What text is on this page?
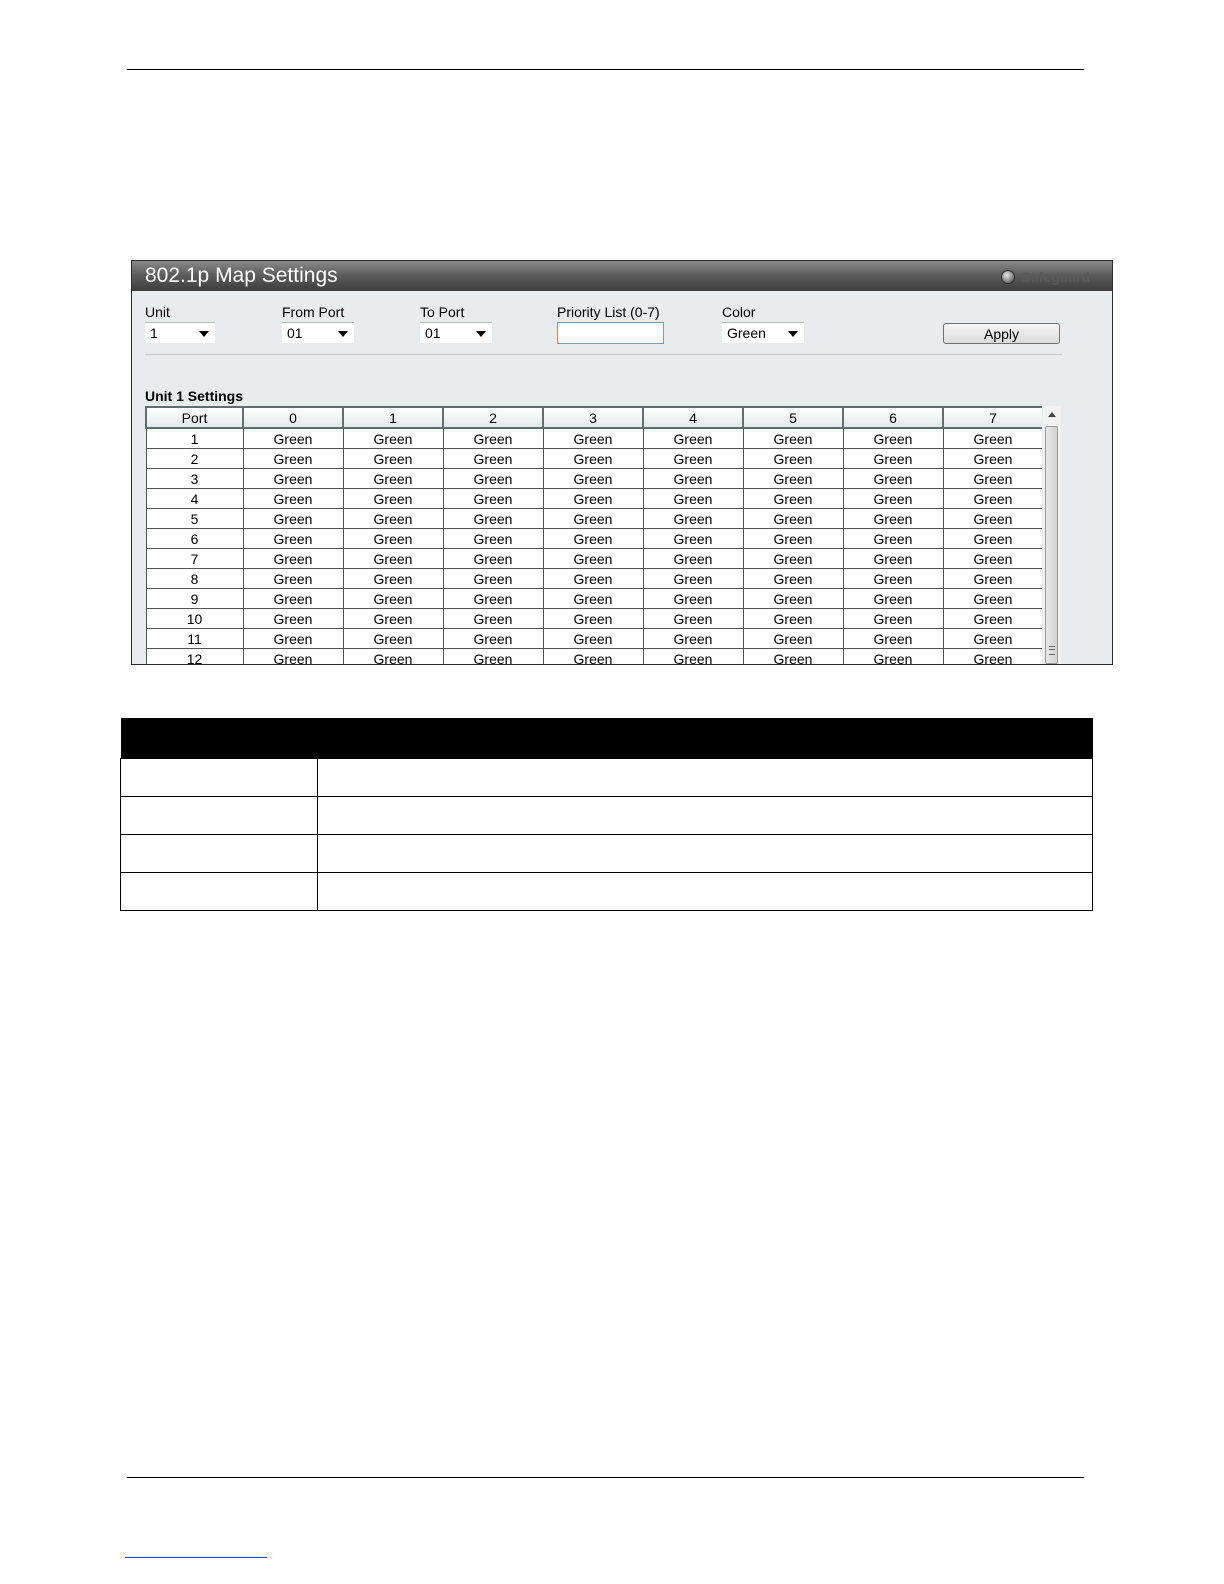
802.1p Map Settings	Safeguard
Unit
1
From Port
01
To Port
01
Priority List (0-7)	Color
Green	Apply
Unit 1 Settings
Port	0	1	2	3	4	5	6	7
1	Green	Green	Green	Green	Green	Green	Green	Green
2	Green	Green	Green	Green	Green	Green	Green	Green
3	Green	Green	Green	Green	Green	Green	Green	Green
4	Green	Green	Green	Green	Green	Green	Green	Green
5	Green	Green	Green	Green	Green	Green	Green	Green
6	Green	Green	Green	Green	Green	Green	Green	Green
7	Green	Green	Green	Green	Green	Green	Green	Green
8	Green	Green	Green	Green	Green	Green	Green	Green
9	Green	Green	Green	Green	Green	Green	Green	Green
10	Green	Green	Green	Green	Green	Green	Green	Green
11	Green	Green	Green	Green	Green	Green	Green	Green
12	Green	Green	Green	Green	Green	Green	Green	Green
